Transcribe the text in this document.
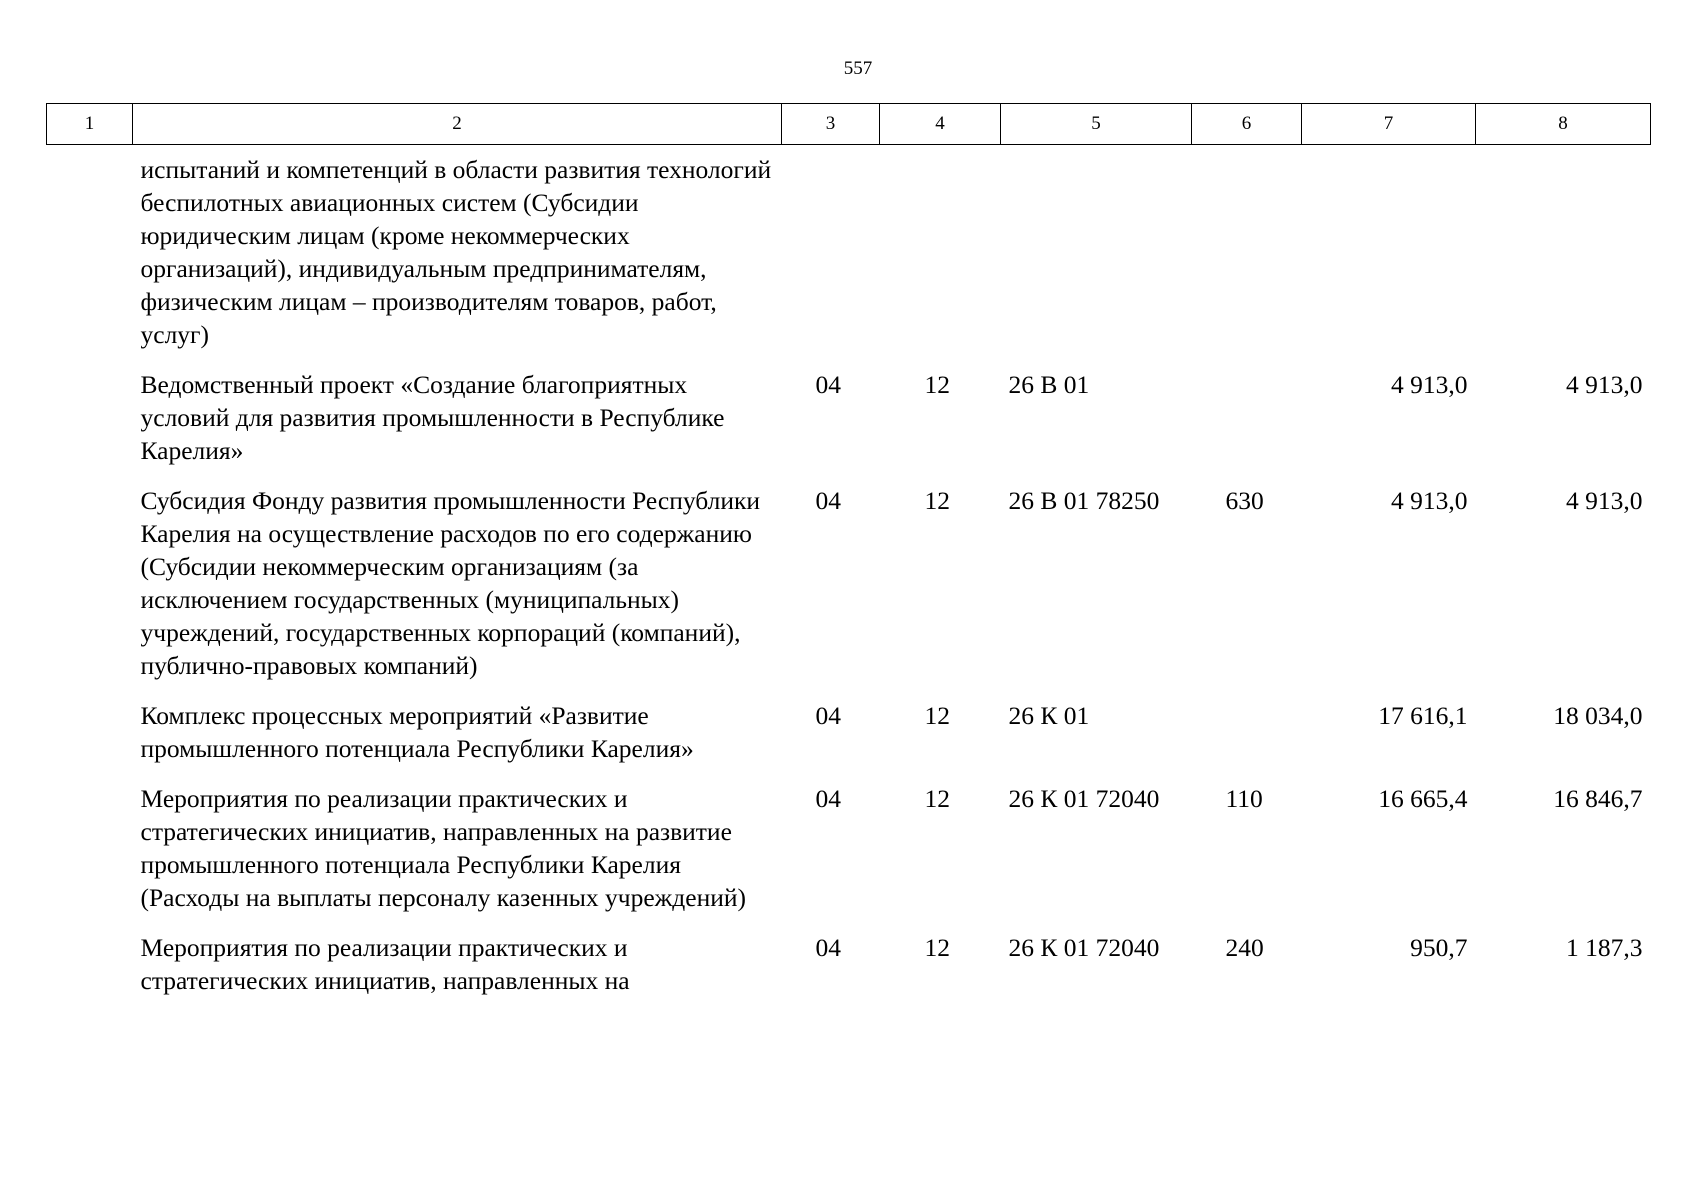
557
1	2	3	4	5	6	7	8
	испытаний и компетенций в области развития технологий беспилотных авиационных систем (Субсидии юридическим лицам (кроме некоммерческих организаций), индивидуальным предпринимателям, физическим лицам – производителям товаров, работ, услуг)						
	Ведомственный проект «Создание благоприятных условий для развития промышленности в Республике Карелия»	04	12	26 В 01		4 913,0	4 913,0
	Субсидия Фонду развития промышленности Республики Карелия на осуществление расходов по его содержанию (Субсидии некоммерческим организациям (за исключением государственных (муниципальных) учреждений, государственных корпораций (компаний), публично-правовых компаний)	04	12	26 В 01 78250	630	4 913,0	4 913,0
	Комплекс процессных мероприятий «Развитие промышленного потенциала Республики Карелия»	04	12	26 К 01		17 616,1	18 034,0
	Мероприятия по реализации практических и стратегических инициатив, направленных на развитие промышленного потенциала Республики Карелия (Расходы на выплаты персоналу казенных учреждений)	04	12	26 К 01 72040	110	16 665,4	16 846,7
	Мероприятия по реализации практических и стратегических инициатив, направленных на	04	12	26 К 01 72040	240	950,7	1 187,3
